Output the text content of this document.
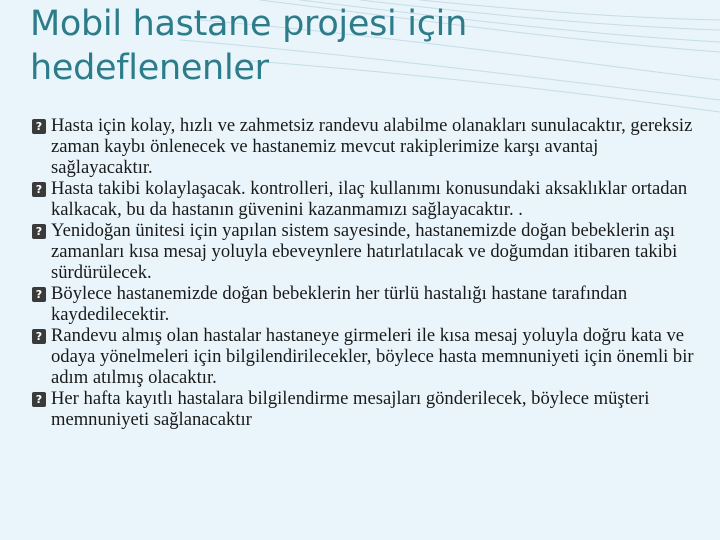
Mobil hastane projesi için hedeflenenler
? Hasta için kolay, hızlı ve zahmetsiz randevu alabilme olanakları sunulacaktır, gereksiz zaman kaybı önlenecek ve hastanemiz mevcut rakiplerimize karşı avantaj sağlayacaktır.
? Hasta takibi kolaylaşacak. kontrolleri, ilaç kullanımı konusundaki aksaklıklar ortadan kalkacak, bu da hastanın güvenini kazanmamızı sağlayacaktır. .
? Yenidoğan ünitesi için yapılan sistem sayesinde, hastanemizde doğan bebeklerin aşı zamanları kısa mesaj yoluyla ebeveynlere hatırlatılacak ve doğumdan itibaren takibi sürdürülecek.
? Böylece hastanemizde doğan bebeklerin her türlü hastalığı hastane tarafından kaydedilecektir.
? Randevu almış olan hastalar hastaneye girmeleri ile kısa mesaj yoluyla doğru kata ve odaya yönelmeleri için bilgilendirilecekler, böylece hasta memnuniyeti için önemli bir adım atılmış olacaktır.
? Her hafta kayıtlı hastalara bilgilendirme mesajları gönderilecek, böylece müşteri memnuniyeti sağlanacaktır
